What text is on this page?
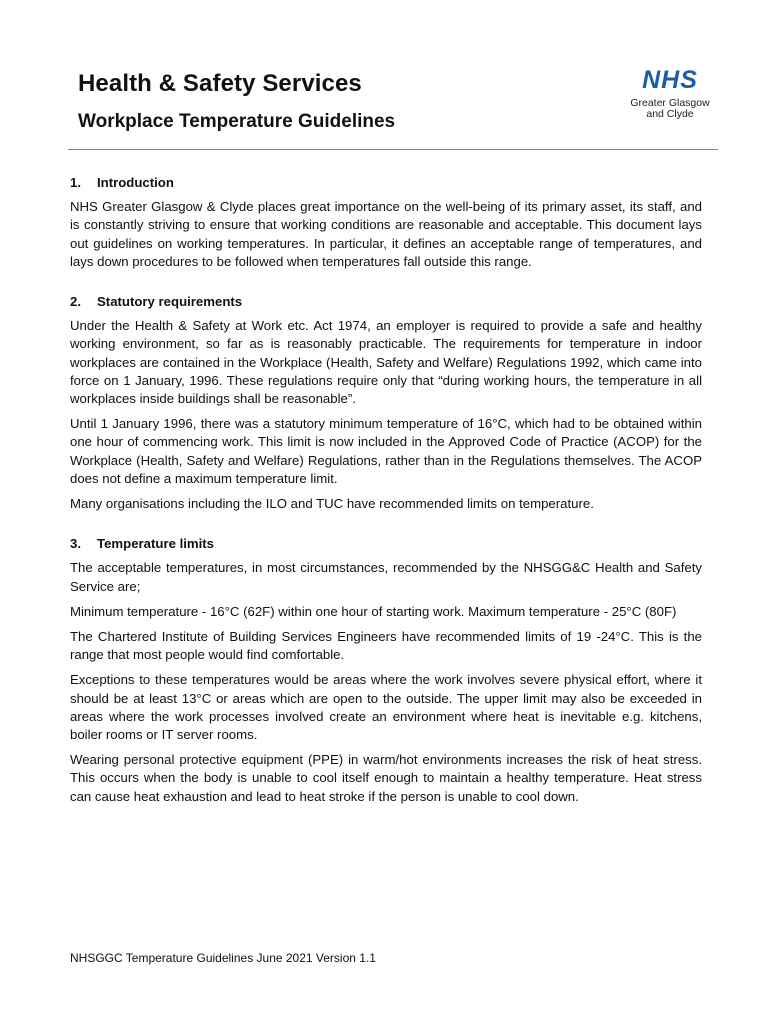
Health & Safety Services
Workplace Temperature Guidelines
NHS
Greater Glasgow
and Clyde
1. Introduction

NHS Greater Glasgow & Clyde places great importance on the well-being of its primary asset, its staff, and is constantly striving to ensure that working conditions are reasonable and acceptable. This document lays out guidelines on working temperatures. In particular, it defines an acceptable range of temperatures, and lays down procedures to be followed when temperatures fall outside this range.

2. Statutory requirements

Under the Health & Safety at Work etc. Act 1974, an employer is required to provide a safe and healthy working environment, so far as is reasonably practicable. The requirements for temperature in indoor workplaces are contained in the Workplace (Health, Safety and Welfare) Regulations 1992, which came into force on 1 January, 1996. These regulations require only that “during working hours, the temperature in all workplaces inside buildings shall be reasonable”.

Until 1 January 1996, there was a statutory minimum temperature of 16°C, which had to be obtained within one hour of commencing work. This limit is now included in the Approved Code of Practice (ACOP) for the Workplace (Health, Safety and Welfare) Regulations, rather than in the Regulations themselves. The ACOP does not define a maximum temperature limit.

Many organisations including the ILO and TUC have recommended limits on temperature.

3. Temperature limits

The acceptable temperatures, in most circumstances, recommended by the NHSGG&C Health and Safety Service are;

Minimum temperature - 16°C (62F) within one hour of starting work. Maximum temperature - 25°C (80F)

The Chartered Institute of Building Services Engineers have recommended limits of 19 -24°C. This is the range that most people would find comfortable.

Exceptions to these temperatures would be areas where the work involves severe physical effort, where it should be at least 13°C or areas which are open to the outside. The upper limit may also be exceeded in areas where the work processes involved create an environment where heat is inevitable e.g. kitchens, boiler rooms or IT server rooms.

Wearing personal protective equipment (PPE) in warm/hot environments increases the risk of heat stress. This occurs when the body is unable to cool itself enough to maintain a healthy temperature. Heat stress can cause heat exhaustion and lead to heat stroke if the person is unable to cool down.

NHSGGC Temperature Guidelines June 2021 Version 1.1
